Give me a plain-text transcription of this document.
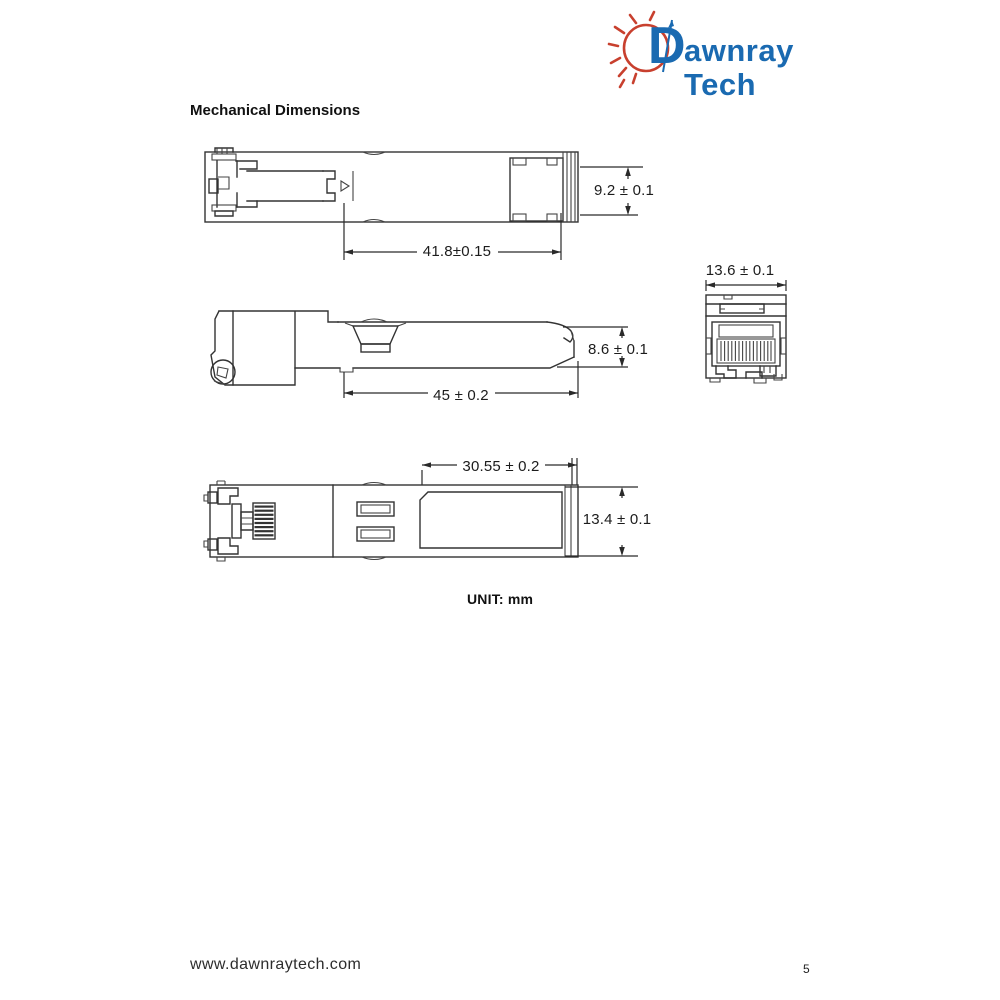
D
awnray Tech
Mechanical Dimensions
41.8±0.15
9.2 ± 0.1
45 ± 0.2
8.6 ± 0.1
13.6 ± 0.1
30.55 ± 0.2
13.4 ± 0.1
UNIT: mm
www.dawnraytech.com	5
